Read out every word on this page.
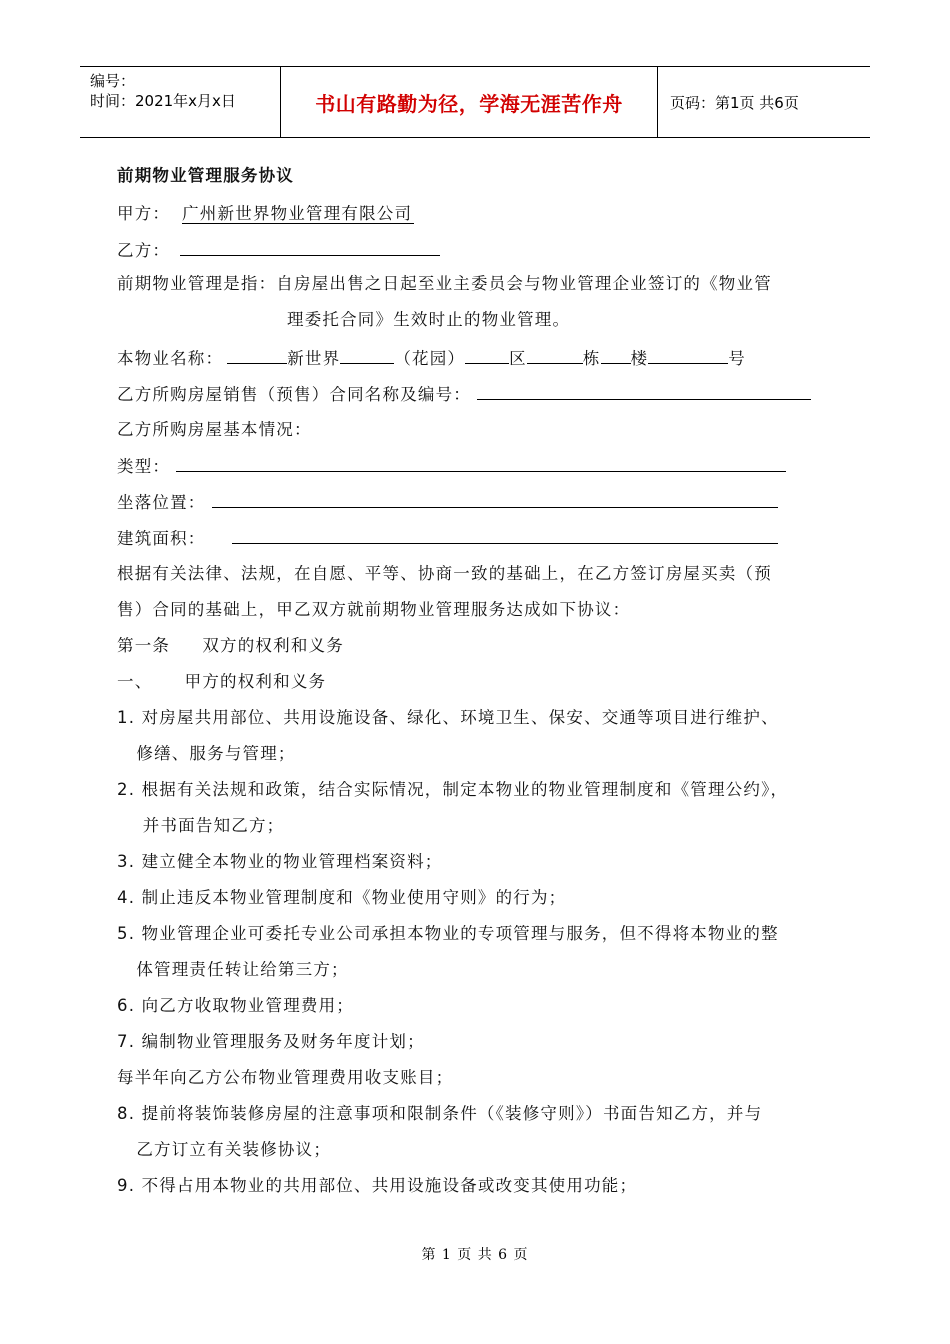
编号：
时间：2021年x月x日	书山有路勤为径，学海无涯苦作舟	页码：第1页 共6页
前期物业管理服务协议
甲方： 广州新世界物业管理有限公司
乙方：
前期物业管理是指：自房屋出售之日起至业主委员会与物业管理企业签订的《物业管
理委托合同》生效时止的物业管理。
本物业名称：	新世界	（花园）	区	栋 楼	号
乙方所购房屋销售（预售）合同名称及编号：
乙方所购房屋基本情况：
类型：
坐落位置：
建筑面积：
根据有关法律、法规，在自愿、平等、协商一致的基础上，在乙方签订房屋买卖（预
售）合同的基础上，甲乙双方就前期物业管理服务达成如下协议：
第一条     双方的权利和义务
一、     甲方的权利和义务
1. 对房屋共用部位、共用设施设备、绿化、环境卫生、保安、交通等项目进行维护、
修缮、服务与管理；
2. 根据有关法规和政策，结合实际情况，制定本物业的物业管理制度和《管理公约》，
并书面告知乙方；
3. 建立健全本物业的物业管理档案资料；
4. 制止违反本物业管理制度和《物业使用守则》的行为；
5. 物业管理企业可委托专业公司承担本物业的专项管理与服务，但不得将本物业的整
体管理责任转让给第三方；
6. 向乙方收取物业管理费用；
7. 编制物业管理服务及财务年度计划；
每半年向乙方公布物业管理费用收支账目；
8. 提前将装饰装修房屋的注意事项和限制条件（《装修守则》）书面告知乙方，并与
乙方订立有关装修协议；
9. 不得占用本物业的共用部位、共用设施设备或改变其使用功能；
第 1 页 共 6 页
